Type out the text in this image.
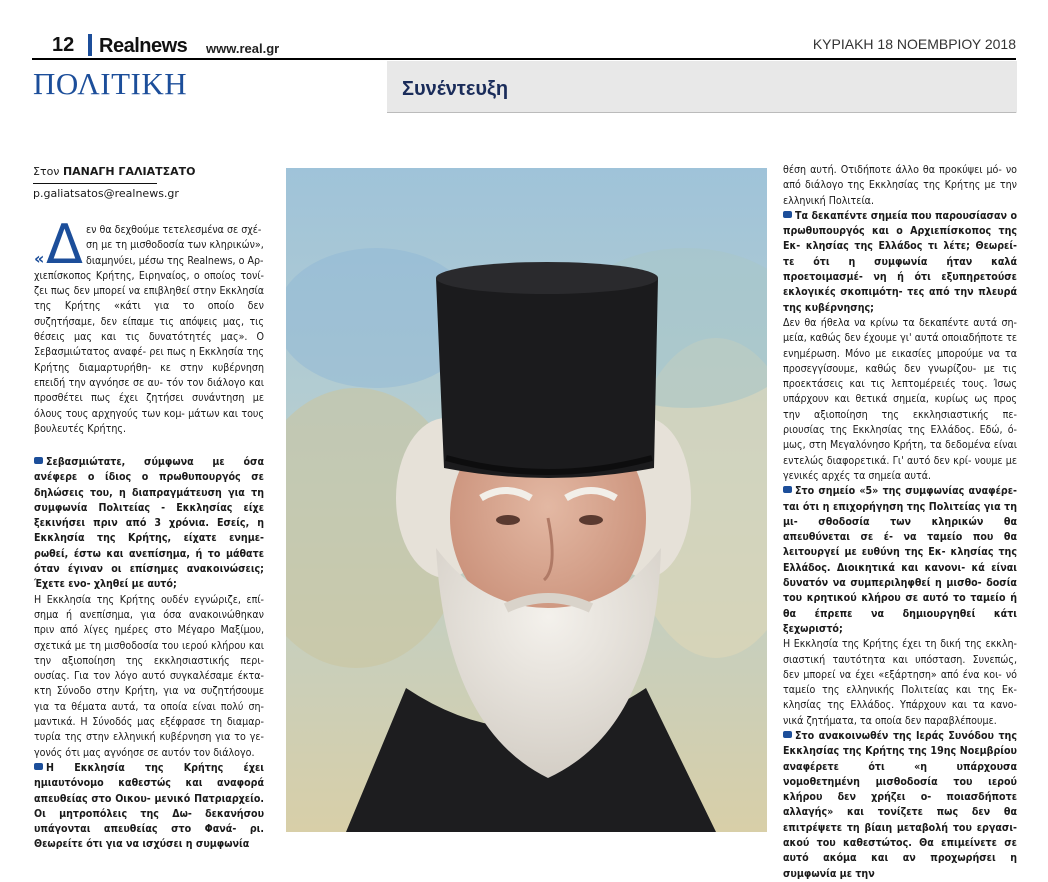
12 Realnews www.real.gr	ΚΥΡΙΑΚΗ 18 ΝΟΕΜΒΡΙΟΥ 2018
ΠΟΛΙΤΙΚΗ	Συνέντευξη
Στον ΠΑΝΑΓΗ ΓΑΛΙΑΤΣΑΤΟ
p.galiatsatos@realnews.gr
« Δ εν θα δεχθούμε τετελεσμένα σε σχέ-

ση με τη μισθοδοσία των κληρικών»,

διαμηνύει, μέσω της Realnews, ο Αρ-

χιεπίσκοπος Κρήτης, Ειρηναίος, ο οποίος τονί- ζει πως δεν μπορεί να επιβληθεί στην Εκκλησία της Κρήτης «κάτι για το οποίο δεν συζητήσαμε, δεν είπαμε τις απόψεις μας, τις θέσεις μας και τις δυνατότητές μας». Ο Σεβασμιώτατος αναφέ- ρει πως η Εκκλησία της Κρήτης διαμαρτυρήθη- κε στην κυβέρνηση επειδή την αγνόησε σε αυ- τόν τον διάλογο και προσθέτει πως έχει ζητήσει συνάντηση με όλους τους αρχηγούς των κομ- μάτων και τους βουλευτές Κρήτης.

Σεβασμιώτατε, σύμφωνα με όσα ανέφερε ο ίδιος ο πρωθυπουργός σε δηλώσεις του, η διαπραγμάτευση για τη συμφωνία Πολιτείας - Εκκλησίας είχε ξεκινήσει πριν από 3 χρόνια. Εσείς, η Εκκλησία της Κρήτης, είχατε ενημε- ρωθεί, έστω και ανεπίσημα, ή το μάθατε όταν έγιναν οι επίσημες ανακοινώσεις; Έχετε ενο- χληθεί με αυτό;

Η Εκκλησία της Κρήτης ουδέν εγνώριζε, επί- σημα ή ανεπίσημα, για όσα ανακοινώθηκαν πριν από λίγες ημέρες στο Μέγαρο Μαξίμου, σχετικά με τη μισθοδοσία του ιερού κλήρου και την αξιοποίηση της εκκλησιαστικής περι- ουσίας. Για τον λόγο αυτό συγκαλέσαμε έκτα- κτη Σύνοδο στην Κρήτη, για να συζητήσουμε για τα θέματα αυτά, τα οποία είναι πολύ ση- μαντικά. Η Σύνοδός μας εξέφρασε τη διαμαρ- τυρία της στην ελληνική κυβέρνηση για το γε- γονός ότι μας αγνόησε σε αυτόν τον διάλογο.

Η Εκκλησία της Κρήτης έχει ημιαυτόνομο καθεστώς και αναφορά απευθείας στο Οικου- μενικό Πατριαρχείο. Οι μητροπόλεις της Δω- δεκανήσου υπάγονται απευθείας στο Φανά- ρι. Θεωρείτε ότι για να ισχύσει η συμφωνία

θέση αυτή. Οτιδήποτε άλλο θα προκύψει μό- νο από διάλογο της Εκκλησίας της Κρήτης με την ελληνική Πολιτεία.

Τα δεκαπέντε σημεία που παρουσίασαν ο πρωθυπουργός και ο Αρχιεπίσκοπος της Εκ- κλησίας της Ελλάδος τι λέτε; Θεωρεί- τε ότι η συμφωνία ήταν καλά προετοιμασμέ- νη ή ότι εξυπηρετούσε εκλογικές σκοπιμότη- τες από την πλευρά της κυβέρνησης;

Δεν θα ήθελα να κρίνω τα δεκαπέντε αυτά ση- μεία, καθώς δεν έχουμε γι' αυτά οποιαδήποτε τε ενημέρωση. Μόνο με εικασίες μπορούμε να τα προσεγγίσουμε, καθώς δεν γνωρίζου- με τις προεκτάσεις και τις λεπτομέρειές τους. Ίσως υπάρχουν και θετικά σημεία, κυρίως ως προς την αξιοποίηση της εκκλησιαστικής πε- ριουσίας της Εκκλησίας της Ελλάδος. Εδώ, ό- μως, στη Μεγαλόνησο Κρήτη, τα δεδομένα είναι εντελώς διαφορετικά. Γι' αυτό δεν κρί- νουμε με γενικές αρχές τα σημεία αυτά.

Στο σημείο «5» της συμφωνίας αναφέρε- ται ότι η επιχορήγηση της Πολιτείας για τη μι- σθοδοσία των κληρικών θα απευθύνεται σε έ- να ταμείο που θα λειτουργεί με ευθύνη της Εκ- κλησίας της Ελλάδος. Διοικητικά και κανονι- κά είναι δυνατόν να συμπεριληφθεί η μισθο- δοσία του κρητικού κλήρου σε αυτό το ταμείο ή θα έπρεπε να δημιουργηθεί κάτι ξεχωριστό;

Η Εκκλησία της Κρήτης έχει τη δική της εκκλη- σιαστική ταυτότητα και υπόσταση. Συνεπώς, δεν μπορεί να έχει «εξάρτηση» από ένα κοι- νό ταμείο της ελληνικής Πολιτείας και της Εκ- κλησίας της Ελλάδος. Υπάρχουν και τα κανο- νικά ζητήματα, τα οποία δεν παραβλέπουμε.

Στο ανακοινωθέν της Ιεράς Συνόδου της Εκκλησίας της Κρήτης της 19ης Νοεμβρίου αναφέρετε ότι «η υπάρχουσα νομοθετημένη μισθοδοσία του ιερού κλήρου δεν χρήζει ο- ποιασδήποτε αλλαγής» και τονίζετε πως δεν θα επιτρέψετε τη βίαιη μεταβολή του εργασι- ακού του καθεστώτος. Θα επιμείνετε σε αυτό ακόμα και αν προχωρήσει η συμφωνία με την
